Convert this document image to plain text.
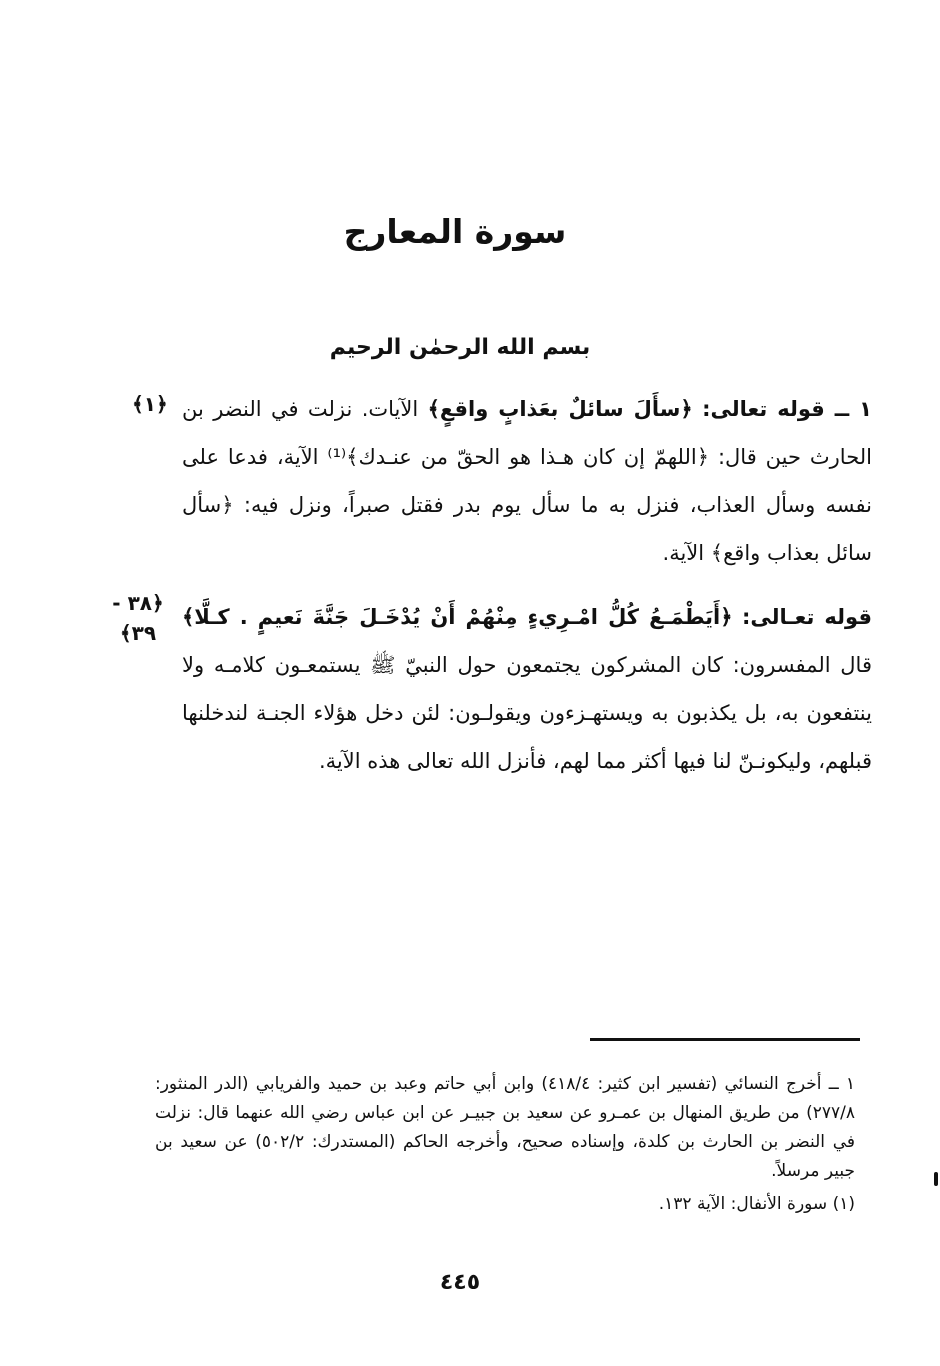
سورة المعارج
بسم الله الرحمٰن الرحيم
﴿١﴾
﴿٣٨ - ٣٩﴾

١ ــ قوله تعالى: ﴿سأَلَ سائلٌ بعَذابٍ واقعٍ﴾ الآيات. نزلت في النضر بن الحارث حين قال: ﴿اللهمّ إن كان هـذا هو الحقّ من عنـدك﴾⁽¹⁾ الآية، فدعا على نفسه وسأل العذاب، فنزل به ما سأل يوم بدر فقتل صبراً، ونزل فيه: ﴿سأل سائل بعذاب واقع﴾ الآية.

قوله تعـالى: ﴿أَيَطْمَـعُ كُلُّ امْـرِيءٍ مِنْهُمْ أَنْ يُدْخَـلَ جَنَّةَ نَعيمٍ . كـلَّا﴾ قال المفسرون: كان المشركون يجتمعون حول النبيّ ﷺ يستمعـون كلامـه ولا ينتفعون به، بل يكذبون به ويستهـزءون ويقولـون: لئن دخل هؤلاء الجنـة لندخلنها قبلهم، وليكونـنّ لنا فيها أكثر مما لهم، فأنزل الله تعالى هذه الآية.

١ ــ أخرج النسائي (تفسير ابن كثير: ٤١٨/٤) وابن أبي حاتم وعبد بن حميد والفريابي (الدر المنثور: ٢٧٧/٨) من طريق المنهال بن عمـرو عن سعيد بن جبيـر عن ابن عباس رضي الله عنهما قال: نزلت في النضر بن الحارث بن كلدة، وإسناده صحيح، وأخرجه الحاكم (المستدرك: ٥٠٢/٢) عن سعيد بن جبير مرسلاً.

(١) سورة الأنفال: الآية ١٣٢.

٤٤٥
